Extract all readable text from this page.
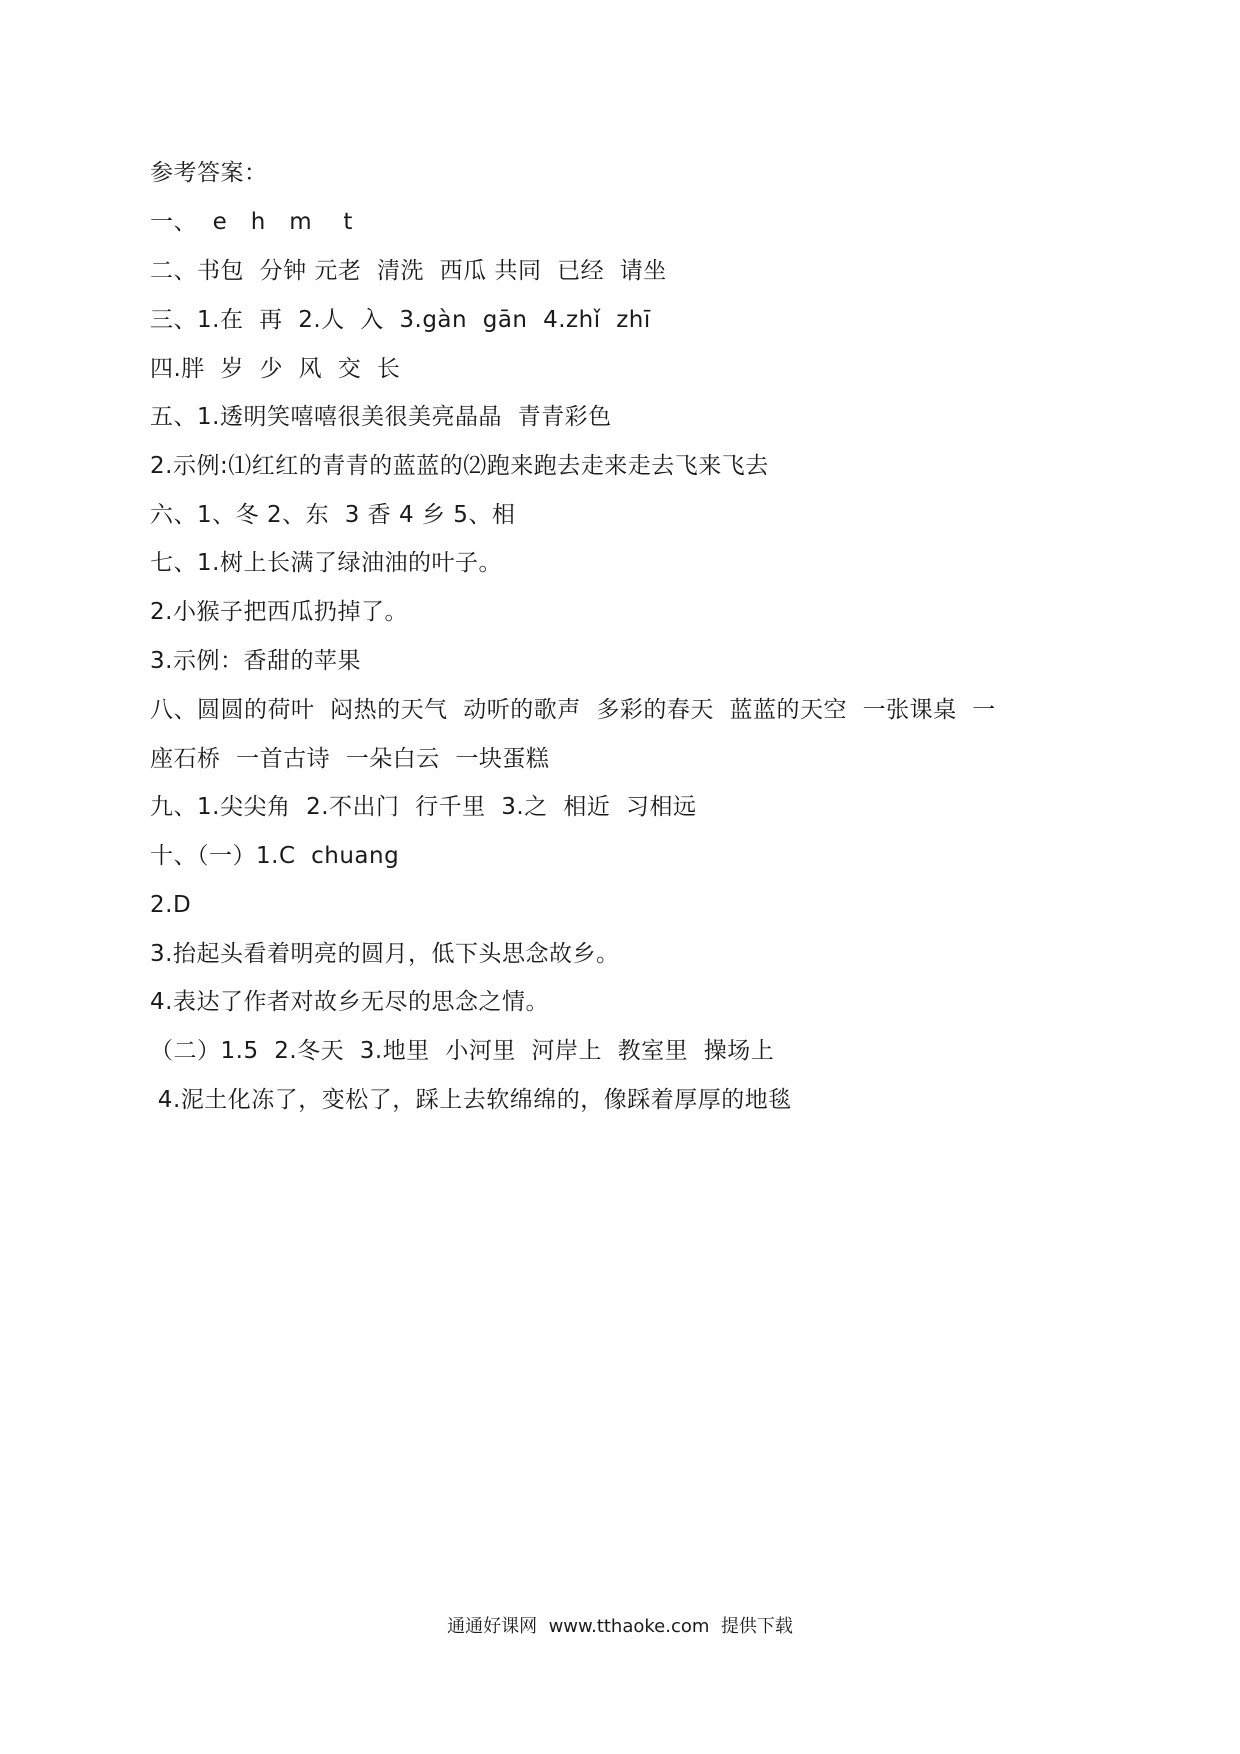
参考答案：
一、  e   h   m    t
二、书包  分钟 元老  清洗  西瓜 共同  已经  请坐
三、1.在  再  2.人  入  3.gàn  gān  4.zhǐ  zhī
四.胖  岁  少  风  交  长
五、1.透明笑嘻嘻很美很美亮晶晶  青青彩色
2.示例:⑴红红的青青的蓝蓝的⑵跑来跑去走来走去飞来飞去
六、1、冬 2、东  3 香 4 乡 5、相
七、1.树上长满了绿油油的叶子。
2.小猴子把西瓜扔掉了。
3.示例：香甜的苹果
八、圆圆的荷叶  闷热的天气  动听的歌声  多彩的春天  蓝蓝的天空  一张课桌  一
座石桥  一首古诗  一朵白云  一块蛋糕
九、1.尖尖角  2.不出门  行千里  3.之  相近  习相远
十、（一）1.C  chuang
2.D
3.抬起头看着明亮的圆月，低下头思念故乡。
4.表达了作者对故乡无尽的思念之情。
（二）1.5  2.冬天  3.地里  小河里  河岸上  教室里  操场上
4.泥土化冻了，变松了，踩上去软绵绵的，像踩着厚厚的地毯
通通好课网  www.tthaoke.com  提供下载
